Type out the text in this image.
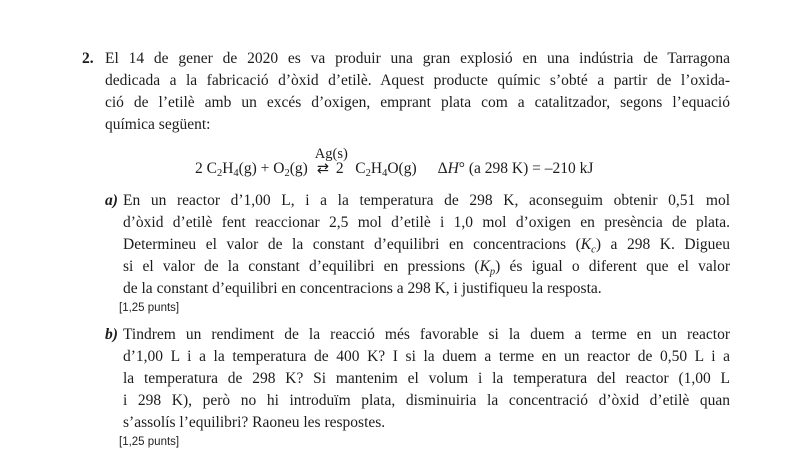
2. El 14 de gener de 2020 es va produir una gran explosió en una indústria de Tarragona
dedicada a la fabricació d’òxid d’etilè. Aquest producte químic s’obté a partir de l’oxida-
ció de l’etilè amb un excés d’oxigen, emprant plata com a catalitzador, segons l’equació
química següent:
2 C2H4(g) + O2(g)
Ag(s)
⇄ 2   C2H4O(g) ΔH° (a 298 K) = –210 kJ
a) En un reactor d’1,00 L, i a la temperatura de 298 K, aconseguim obtenir 0,51 mol
d’òxid d’etilè fent reaccionar 2,5 mol d’etilè i 1,0 mol d’oxigen en presència de plata.
Determineu el valor de la constant d’equilibri en concentracions $(K_c)$ a 298 K. Digueu
si el valor de la constant d’equilibri en pressions $(K_p)$ és igual o diferent que el valor
de la constant d’equilibri en concentracions a 298 K, i justifiqueu la resposta.
[1,25 punts]
b) Tindrem un rendiment de la reacció més favorable si la duem a terme en un reactor
d’1,00 L i a la temperatura de 400 K? I si la duem a terme en un reactor de 0,50 L i a
la temperatura de 298 K? Si mantenim el volum i la temperatura del reactor (1,00 L
i 298 K), però no hi introduïm plata, disminuiria la concentració d’òxid d’etilè quan
s’assolís l’equilibri? Raoneu les respostes.
[1,25 punts]
